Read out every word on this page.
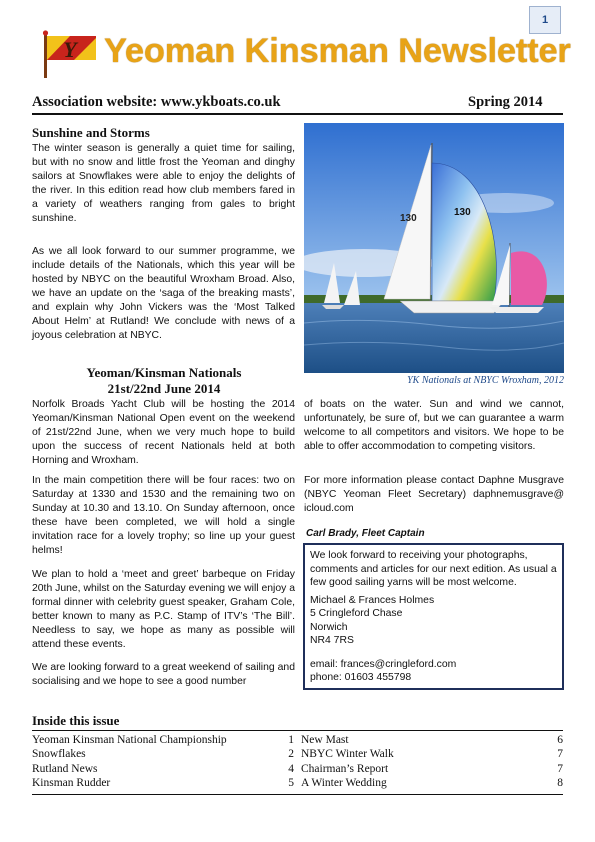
1
Y Yeoman Kinsman Newsletter
Association website: www.ykboats.co.uk	Spring 2014
Sunshine and Storms
The winter season is generally a quiet time for sailing, but with no snow and little frost the Yeoman and dinghy sailors at Snowflakes were able to enjoy the delights of the river. In this edition read how club members fared in a variety of weathers ranging from gales to bright sunshine.
As we all look forward to our summer programme, we include details of the Nationals, which this year will be hosted by NBYC on the beautiful Wroxham Broad. Also, we have an update on the ‘saga of the breaking masts’, and explain why John Vickers was the ‘Most Talked About Helm’ at Rutland! We conclude with news of a joyous celebration at NBYC.
130
130
YK Nationals at NBYC Wroxham, 2012
Yeoman/Kinsman Nationals
21st/22nd June 2014
Norfolk Broads Yacht Club will be hosting the 2014 Yeoman/Kinsman National Open event on the weekend of 21st/22nd June, when we very much hope to build upon the success of recent Nationals held at both Horning and Wroxham.
In the main competition there will be four races: two on Saturday at 1330 and 1530 and the remaining two on Sunday at 10.30 and 13.10. On Sunday afternoon, once these have been completed, we will hold a single invitation race for a lovely trophy; so line up your guest helms!
We plan to hold a ‘meet and greet’ barbeque on Friday 20th June, whilst on the Saturday evening we will enjoy a formal dinner with celebrity guest speaker, Graham Cole, better known to many as P.C. Stamp of ITV’s ‘The Bill’. Needless to say, we hope as many as possible will attend these events.
We are looking forward to a great weekend of sailing and socialising and we hope to see a good number
of boats on the water. Sun and wind we cannot, unfortunately, be sure of, but we can guarantee a warm welcome to all competitors and visitors. We hope to be able to offer accommodation to competing visitors.
For more information please contact Daphne Musgrave (NBYC Yeoman Fleet Secretary) daphnemusgrave@ icloud.com
Carl Brady, Fleet Captain
We look forward to receiving your photographs, comments and articles for our next edition. As usual a few good sailing yarns will be most welcome.
Michael & Frances Holmes
5 Cringleford Chase
Norwich
NR4 7RS
email: frances@cringleford.com
phone: 01603 455798
Inside this issue
Yeoman Kinsman National Championship	1
Snowflakes	2
Rutland News	4
Kinsman Rudder	5
New Mast	6
NBYC Winter Walk	7
Chairman’s Report	7
A Winter Wedding	8
